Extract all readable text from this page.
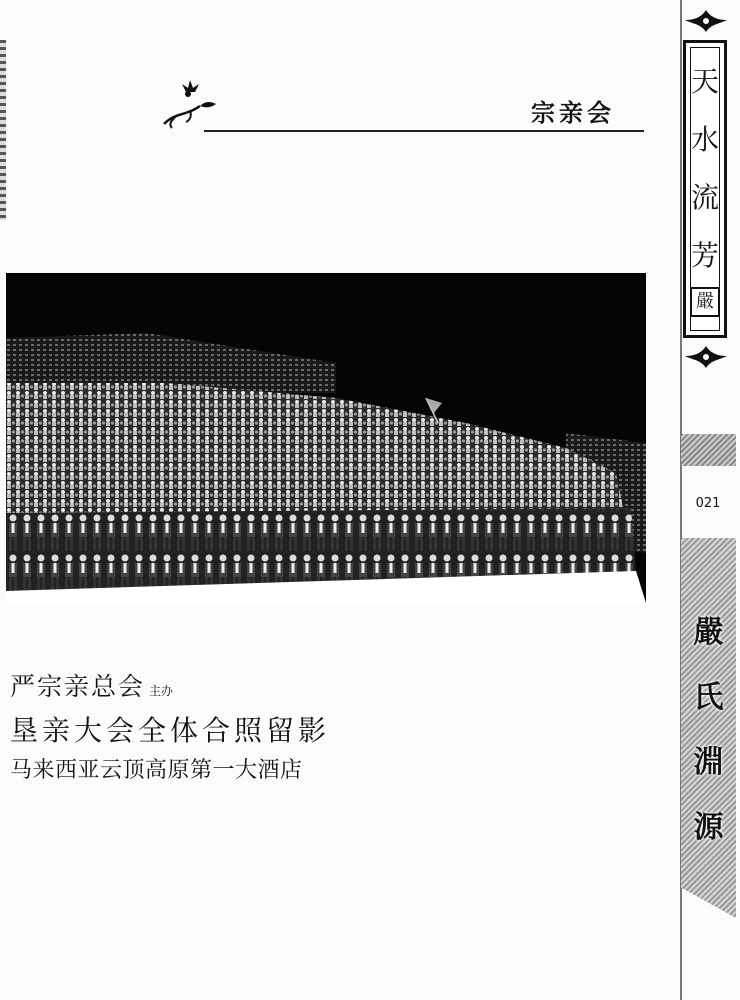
宗亲会
严宗亲总会 主办
垦亲大会全体合照留影
马来西亚云顶高原第一大酒店
天
水
流
芳
嚴
021
嚴
氏
淵
源
